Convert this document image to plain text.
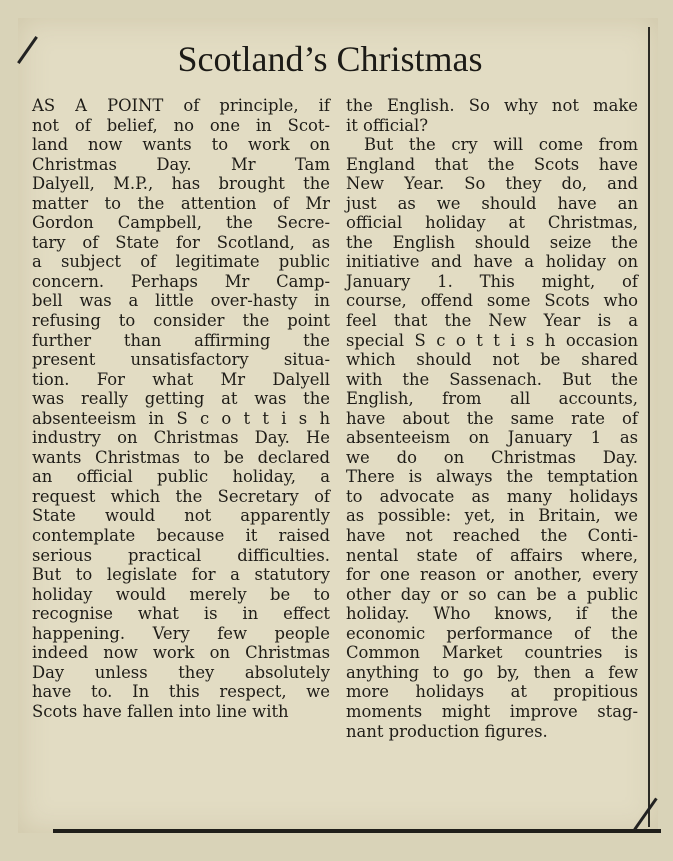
Scotland’s Christmas
AS A POINT of principle, if
not of belief, no one in Scot-
land now wants to work on
Christmas Day. Mr Tam
Dalyell, M.P., has brought the
matter to the attention of Mr
Gordon Campbell, the Secre-
tary of State for Scotland, as
a subject of legitimate public
concern. Perhaps Mr Camp-
bell was a little over-hasty in
refusing to consider the point
further than affirming the
present unsatisfactory situa-
tion. For what Mr Dalyell
was really getting at was the
absenteeism in S c o t t i s h
industry on Christmas Day. He
wants Christmas to be declared
an official public holiday, a
request which the Secretary of
State would not apparently
contemplate because it raised
serious practical difficulties.
But to legislate for a statutory
holiday would merely be to
recognise what is in effect
happening. Very few people
indeed now work on Christmas
Day unless they absolutely
have to. In this respect, we
Scots have fallen into line with
the English. So why not make
it official?
But the cry will come from
England that the Scots have
New Year. So they do, and
just as we should have an
official holiday at Christmas,
the English should seize the
initiative and have a holiday on
January 1. This might, of
course, offend some Scots who
feel that the New Year is a
special S c o t t i s h occasion
which should not be shared
with the Sassenach. But the
English, from all accounts,
have about the same rate of
absenteeism on January 1 as
we do on Christmas Day.
There is always the temptation
to advocate as many holidays
as possible: yet, in Britain, we
have not reached the Conti-
nental state of affairs where,
for one reason or another, every
other day or so can be a public
holiday. Who knows, if the
economic performance of the
Common Market countries is
anything to go by, then a few
more holidays at propitious
moments might improve stag-
nant production figures.
